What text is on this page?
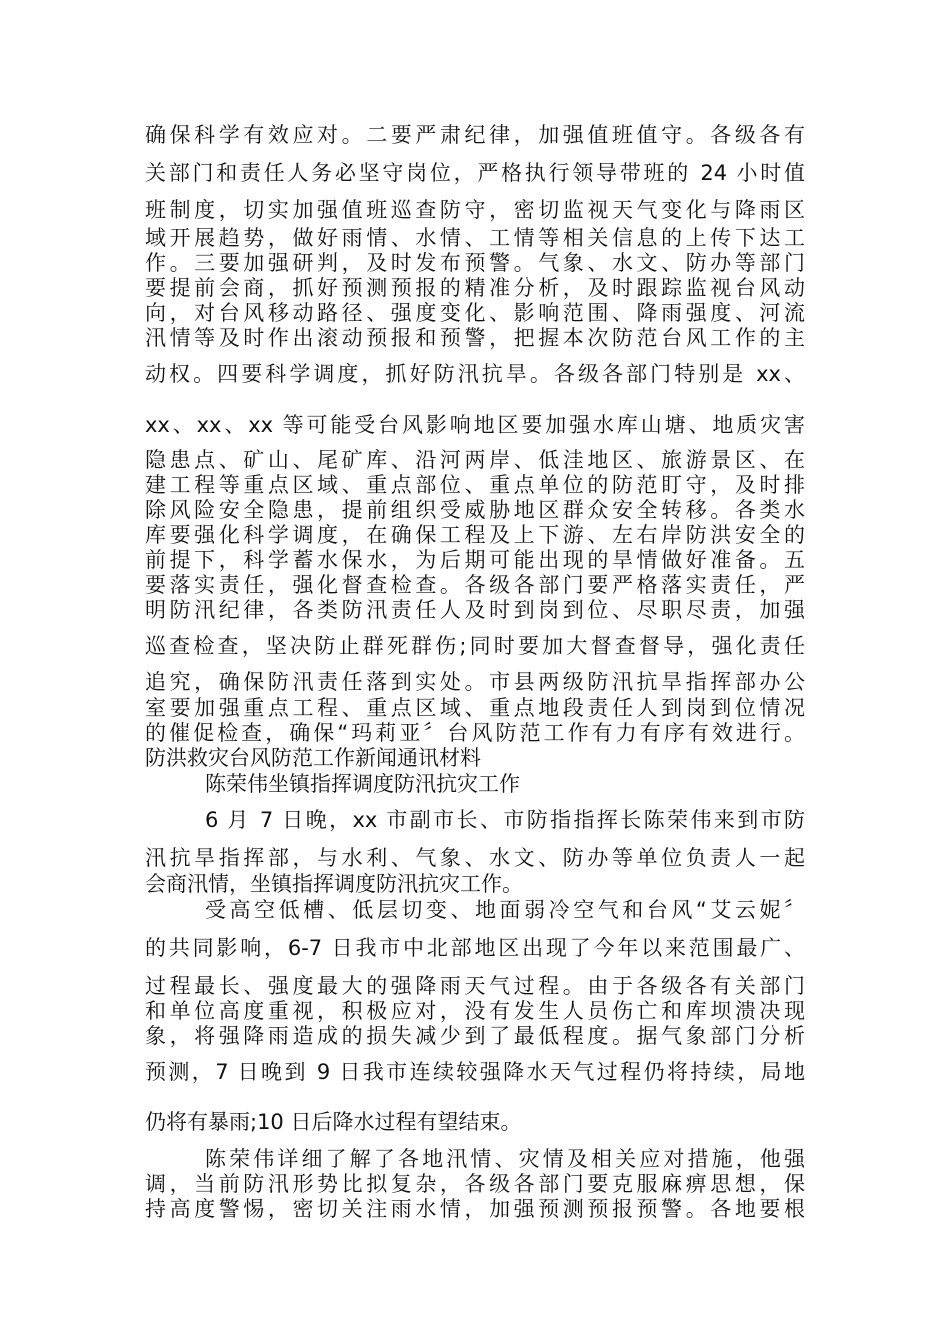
确保科学有效应对。二要严肃纪律，加强值班值守。各级各有
关部门和责任人务必坚守岗位，严格执行领导带班的 24 小时值
班制度，切实加强值班巡查防守，密切监视天气变化与降雨区
域开展趋势，做好雨情、水情、工情等相关信息的上传下达工
作。三要加强研判，及时发布预警。气象、水文、防办等部门
要提前会商，抓好预测预报的精准分析，及时跟踪监视台风动
向，对台风移动路径、强度变化、影响范围、降雨强度、河流
汛情等及时作出滚动预报和预警，把握本次防范台风工作的主
动权。四要科学调度，抓好防汛抗旱。各级各部门特别是 xx、
xx、xx、xx 等可能受台风影响地区要加强水库山塘、地质灾害
隐患点、矿山、尾矿库、沿河两岸、低洼地区、旅游景区、在
建工程等重点区域、重点部位、重点单位的防范盯守，及时排
除风险安全隐患，提前组织受威胁地区群众安全转移。各类水
库要强化科学调度，在确保工程及上下游、左右岸防洪安全的
前提下，科学蓄水保水，为后期可能出现的旱情做好准备。五
要落实责任，强化督查检查。各级各部门要严格落实责任，严
明防汛纪律，各类防汛责任人及时到岗到位、尽职尽责，加强
巡查检查，坚决防止群死群伤;同时要加大督查督导，强化责任
追究，确保防汛责任落到实处。市县两级防汛抗旱指挥部办公
室要加强重点工程、重点区域、重点地段责任人到岗到位情况
的催促检查，确保“玛莉亚〞台风防范工作有力有序有效进行。
防洪救灾台风防范工作新闻通讯材料
陈荣伟坐镇指挥调度防汛抗灾工作
6 月 7 日晚，xx 市副市长、市防指指挥长陈荣伟来到市防
汛抗旱指挥部，与水利、气象、水文、防办等单位负责人一起
会商汛情，坐镇指挥调度防汛抗灾工作。
受高空低槽、低层切变、地面弱冷空气和台风“艾云妮〞
的共同影响，6-7 日我市中北部地区出现了今年以来范围最广、
过程最长、强度最大的强降雨天气过程。由于各级各有关部门
和单位高度重视，积极应对，没有发生人员伤亡和库坝溃决现
象，将强降雨造成的损失减少到了最低程度。据气象部门分析
预测，7 日晚到 9 日我市连续较强降水天气过程仍将持续，局地
仍将有暴雨;10 日后降水过程有望结束。
陈荣伟详细了解了各地汛情、灾情及相关应对措施，他强
调，当前防汛形势比拟复杂，各级各部门要克服麻痹思想，保
持高度警惕，密切关注雨水情，加强预测预报预警。各地要根
